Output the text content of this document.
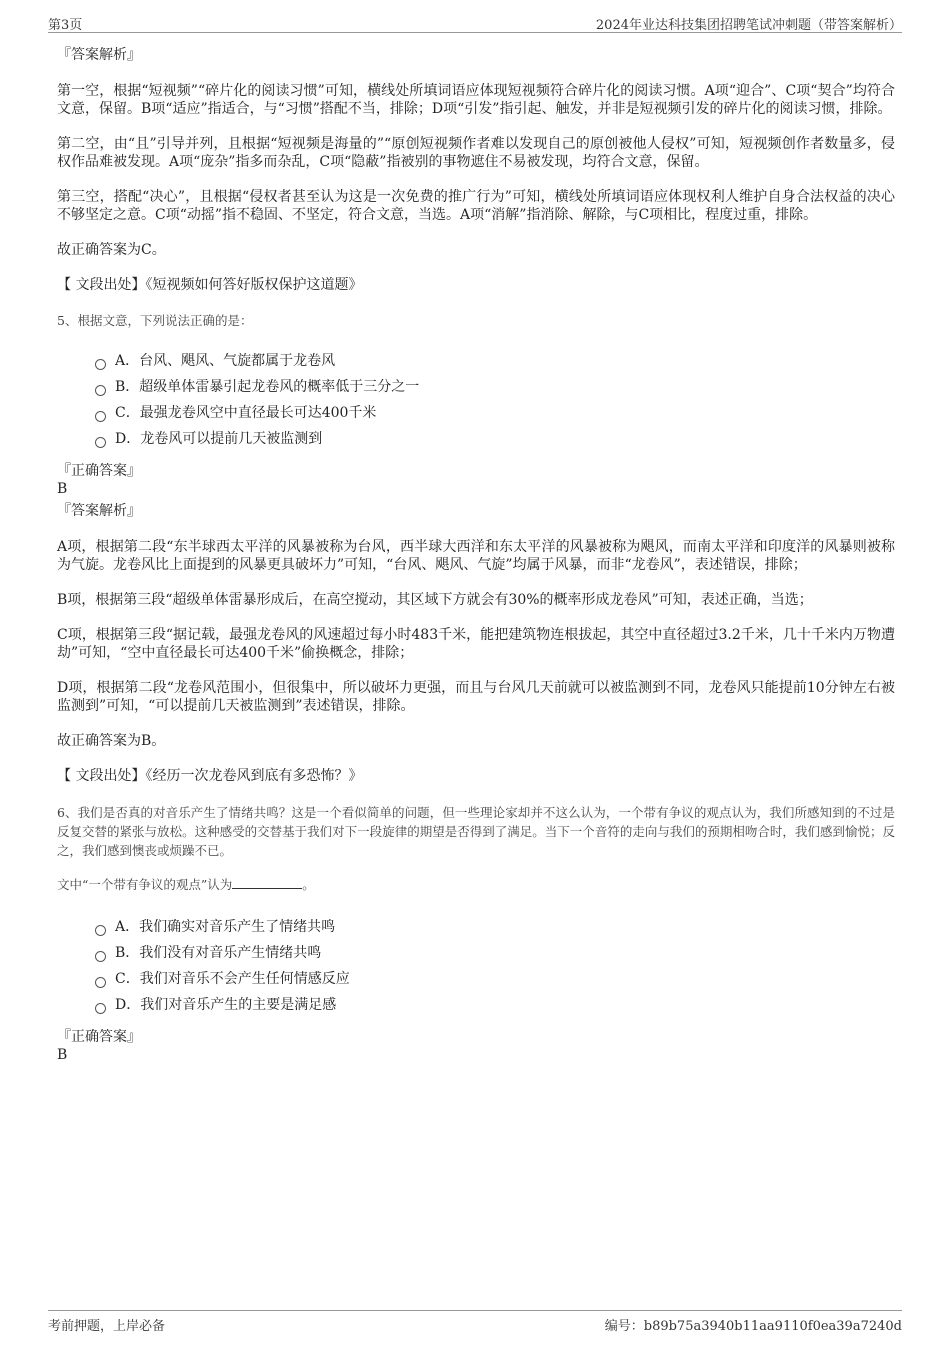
第3页	2024年业达科技集团招聘笔试冲刺题（带答案解析）

『答案解析』

第一空，根据“短视频”“碎片化的阅读习惯”可知，横线处所填词语应体现短视频符合碎片化的阅读习惯。A项“迎合”、C项“契合”均符合文意，保留。B项“适应”指适合，与“习惯”搭配不当，排除；D项“引发”指引起、触发，并非是短视频引发的碎片化的阅读习惯，排除。

第二空，由“且”引导并列，且根据“短视频是海量的”“原创短视频作者难以发现自己的原创被他人侵权”可知，短视频创作者数量多，侵权作品难被发现。A项“庞杂”指多而杂乱，C项“隐蔽”指被别的事物遮住不易被发现，均符合文意，保留。

第三空，搭配“决心”，且根据“侵权者甚至认为这是一次免费的推广行为”可知，横线处所填词语应体现权利人维护自身合法权益的决心不够坚定之意。C项“动摇”指不稳固、不坚定，符合文意，当选。A项“消解”指消除、解除，与C项相比，程度过重，排除。

故正确答案为C。

【 文段出处】《短视频如何答好版权保护这道题》

5、根据文意，下列说法正确的是：

A．台风、飓风、气旋都属于龙卷风
B．超级单体雷暴引起龙卷风的概率低于三分之一
C．最强龙卷风空中直径最长可达400千米
D．龙卷风可以提前几天被监测到

『正确答案』

B

『答案解析』

A项，根据第二段“东半球西太平洋的风暴被称为台风，西半球大西洋和东太平洋的风暴被称为飓风，而南太平洋和印度洋的风暴则被称为气旋。龙卷风比上面提到的风暴更具破坏力”可知，“台风、飓风、气旋”均属于风暴，而非“龙卷风”，表述错误，排除；

B项，根据第三段“超级单体雷暴形成后，在高空搅动，其区域下方就会有30%的概率形成龙卷风”可知，表述正确，当选；

C项，根据第三段“据记载，最强龙卷风的风速超过每小时483千米，能把建筑物连根拔起，其空中直径超过3.2千米，几十千米内万物遭劫”可知，“空中直径最长可达400千米”偷换概念，排除；

D项，根据第二段“龙卷风范围小，但很集中，所以破坏力更强，而且与台风几天前就可以被监测到不同，龙卷风只能提前10分钟左右被监测到”可知，“可以提前几天被监测到”表述错误，排除。

故正确答案为B。

【 文段出处】《经历一次龙卷风到底有多恐怖？》

6、我们是否真的对音乐产生了情绪共鸣？这是一个看似简单的问题，但一些理论家却并不这么认为，一个带有争议的观点认为，我们所感知到的不过是反复交替的紧张与放松。这种感受的交替基于我们对下一段旋律的期望是否得到了满足。当下一个音符的走向与我们的预期相吻合时，我们感到愉悦；反之，我们感到懊丧或烦躁不已。

文中“一个带有争议的观点”认为	。

A．我们确实对音乐产生了情绪共鸣
B．我们没有对音乐产生情绪共鸣
C．我们对音乐不会产生任何情感反应
D．我们对音乐产生的主要是满足感

『正确答案』

B

考前押题，上岸必备	编号：b89b75a3940b11aa9110f0ea39a7240d
